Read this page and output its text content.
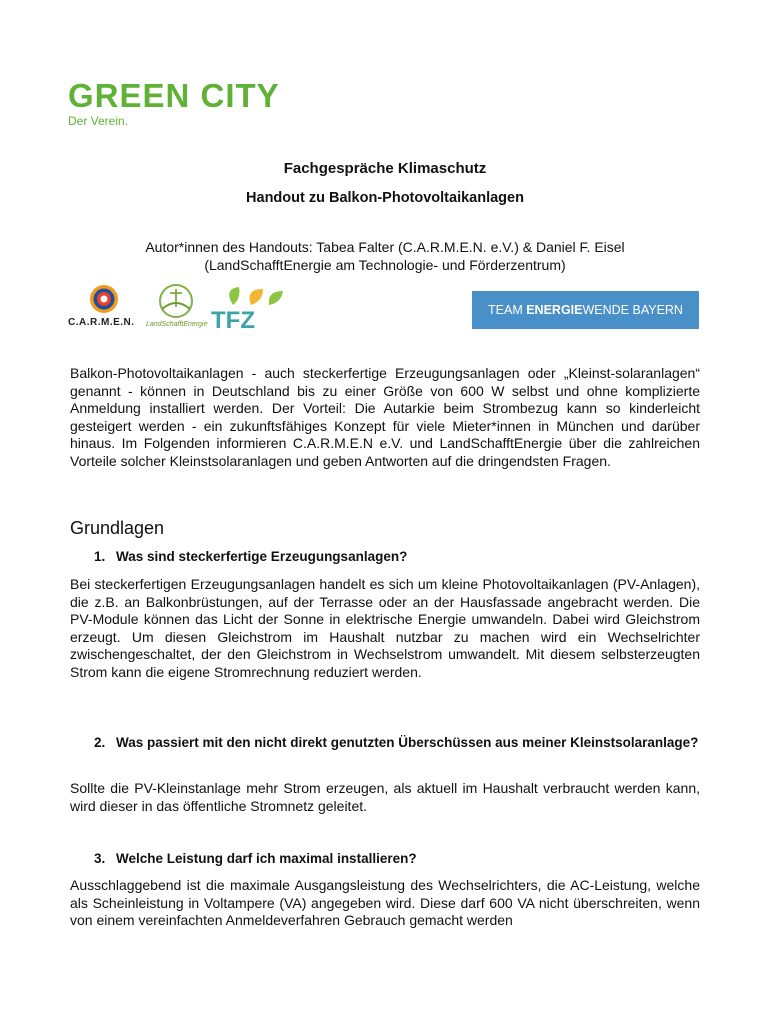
GREEN CITY
Der Verein.
Fachgespräche Klimaschutz
Handout zu Balkon-Photovoltaikanlagen
Autor*innen des Handouts: Tabea Falter (C.A.R.M.E.N. e.V.) & Daniel F. Eisel
(LandSchafftEnergie am Technologie- und Förderzentrum)
C.A.R.M.E.N. LandSchafftEnergie TFZ	TEAM ENERGIEWENDE BAYERN
Balkon-Photovoltaikanlagen - auch steckerfertige Erzeugungsanlagen oder „Kleinst-solaranlagen“ genannt - können in Deutschland bis zu einer Größe von 600 W selbst und ohne komplizierte Anmeldung installiert werden. Der Vorteil: Die Autarkie beim Strombezug kann so kinderleicht gesteigert werden - ein zukunftsfähiges Konzept für viele Mieter*innen in München und darüber hinaus. Im Folgenden informieren C.A.R.M.E.N e.V. und LandSchafftEnergie über die zahlreichen Vorteile solcher Kleinstsolaranlagen und geben Antworten auf die dringendsten Fragen.
Grundlagen
1. Was sind steckerfertige Erzeugungsanlagen?
Bei steckerfertigen Erzeugungsanlagen handelt es sich um kleine Photovoltaikanlagen (PV-Anlagen), die z.B. an Balkonbrüstungen, auf der Terrasse oder an der Hausfassade angebracht werden. Die PV-Module können das Licht der Sonne in elektrische Energie umwandeln. Dabei wird Gleichstrom erzeugt. Um diesen Gleichstrom im Haushalt nutzbar zu machen wird ein Wechselrichter zwischengeschaltet, der den Gleichstrom in Wechselstrom umwandelt. Mit diesem selbsterzeugten Strom kann die eigene Stromrechnung reduziert werden.
2. Was passiert mit den nicht direkt genutzten Überschüssen aus meiner Kleinstsolaranlage?
Sollte die PV-Kleinstanlage mehr Strom erzeugen, als aktuell im Haushalt verbraucht werden kann, wird dieser in das öffentliche Stromnetz geleitet.
3. Welche Leistung darf ich maximal installieren?
Ausschlaggebend ist die maximale Ausgangsleistung des Wechselrichters, die AC-Leistung, welche als Scheinleistung in Voltampere (VA) angegeben wird. Diese darf 600 VA nicht überschreiten, wenn von einem vereinfachten Anmeldeverfahren Gebrauch gemacht werden
